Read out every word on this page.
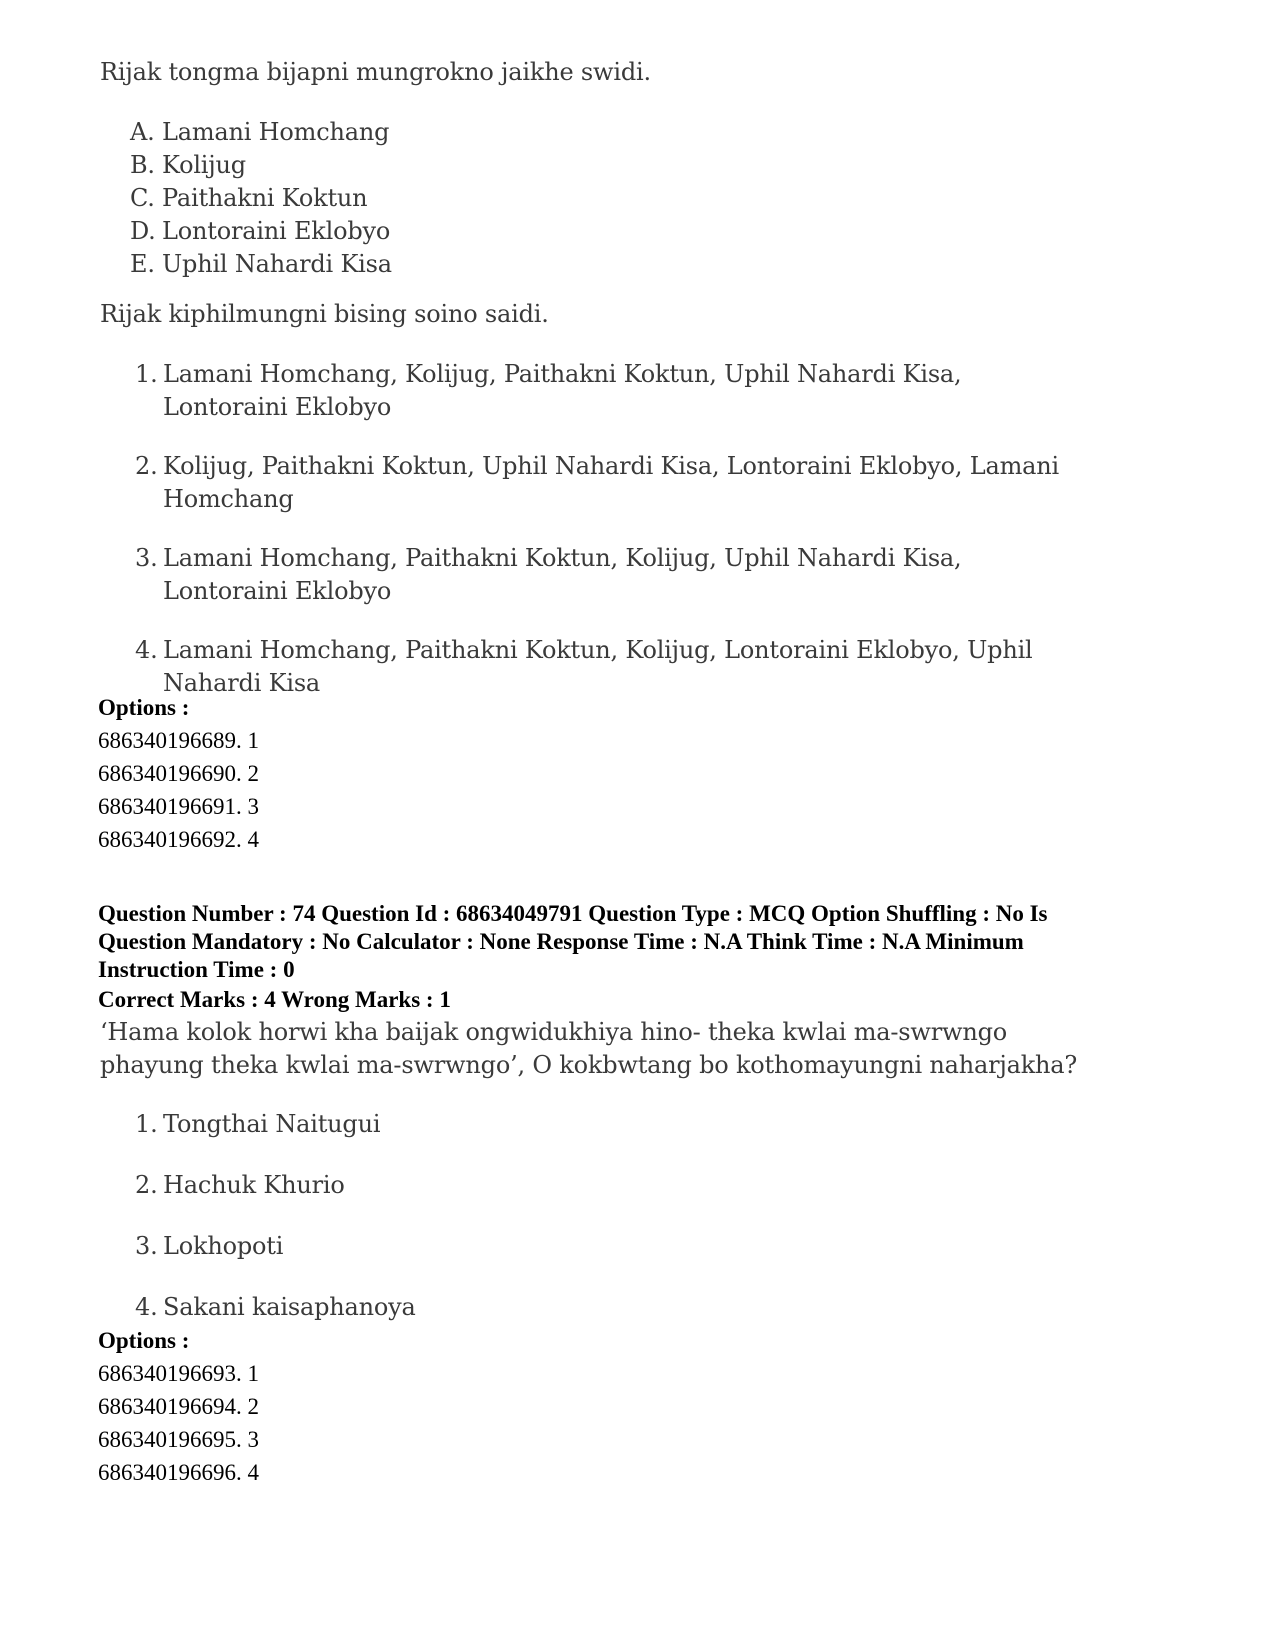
Rijak tongma bijapni mungrokno jaikhe swidi.
A. Lamani Homchang
B. Kolijug
C. Paithakni Koktun
D. Lontoraini Eklobyo
E. Uphil Nahardi Kisa
Rijak kiphilmungni bising soino saidi.
1. Lamani Homchang, Kolijug, Paithakni Koktun, Uphil Nahardi Kisa,
Lontoraini Eklobyo
2. Kolijug, Paithakni Koktun, Uphil Nahardi Kisa, Lontoraini Eklobyo, Lamani
Homchang
3. Lamani Homchang, Paithakni Koktun, Kolijug, Uphil Nahardi Kisa,
Lontoraini Eklobyo
4. Lamani Homchang, Paithakni Koktun, Kolijug, Lontoraini Eklobyo, Uphil
Nahardi Kisa
Options :
686340196689. 1
686340196690. 2
686340196691. 3
686340196692. 4
Question Number : 74 Question Id : 68634049791 Question Type : MCQ Option Shuffling : No Is
Question Mandatory : No Calculator : None Response Time : N.A Think Time : N.A Minimum
Instruction Time : 0
Correct Marks : 4 Wrong Marks : 1
‘Hama kolok horwi kha baijak ongwidukhiya hino- theka kwlai ma-swrwngo
phayung theka kwlai ma-swrwngo’, O kokbwtang bo kothomayungni naharjakha?
1. Tongthai Naitugui
2. Hachuk Khurio
3. Lokhopoti
4. Sakani kaisaphanoya
Options :
686340196693. 1
686340196694. 2
686340196695. 3
686340196696. 4
